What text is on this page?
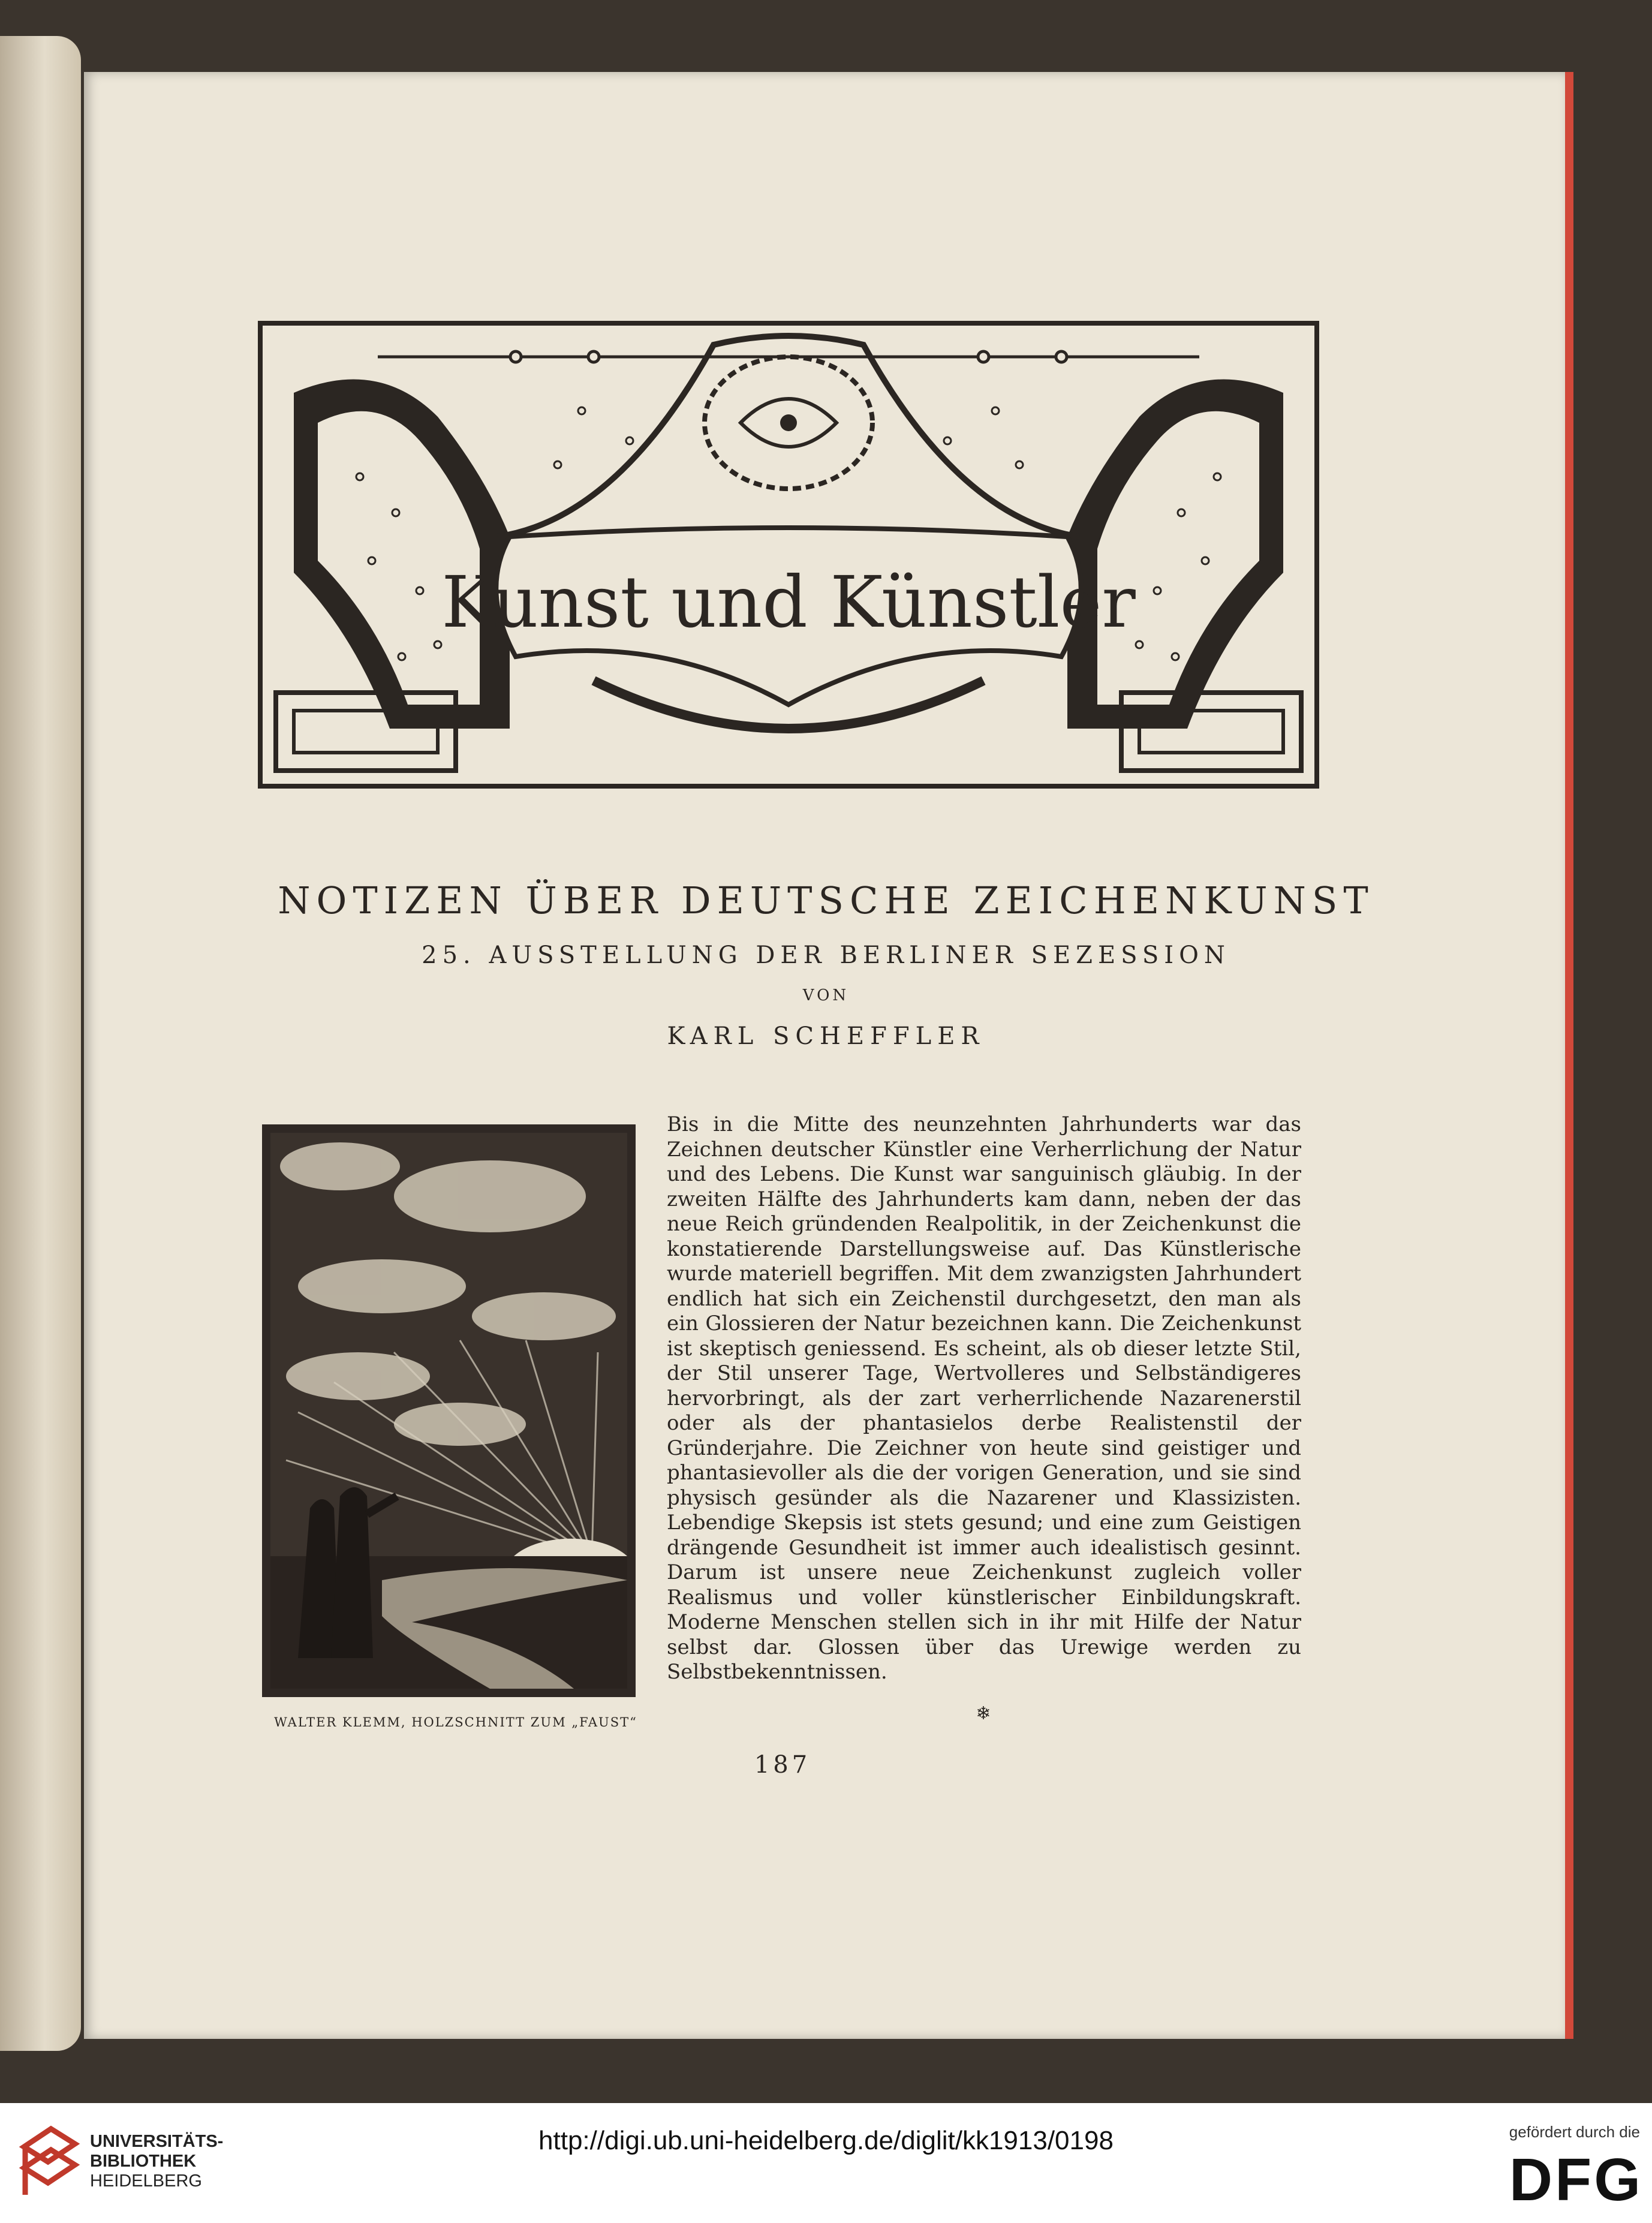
Kunst und Künstler
NOTIZEN ÜBER DEUTSCHE ZEICHENKUNST
25. AUSSTELLUNG DER BERLINER SEZESSION
VON
KARL SCHEFFLER
WALTER KLEMM, HOLZSCHNITT ZUM „FAUST“

Bis in die Mitte des neunzehnten Jahrhunderts war das Zeichnen deutscher Künstler eine Verherrlichung der Natur und des Lebens. Die Kunst war sanguinisch gläubig. In der zweiten Hälfte des Jahrhunderts kam dann, neben der das neue Reich gründenden Realpolitik, in der Zeichenkunst die konstatierende Darstellungsweise auf. Das Künstlerische wurde materiell begriffen. Mit dem zwanzigsten Jahrhundert endlich hat sich ein Zeichenstil durchgesetzt, den man als ein Glossieren der Natur bezeichnen kann. Die Zeichenkunst ist skeptisch geniessend. Es scheint, als ob dieser letzte Stil, der Stil unserer Tage, Wertvolleres und Selbständigeres hervorbringt, als der zart verherrlichende Nazarenerstil oder als der phantasielos derbe Realistenstil der Gründerjahre. Die Zeichner von heute sind geistiger und phantasievoller als die der vorigen Generation, und sie sind physisch gesünder als die Nazarener und Klassizisten. Lebendige Skepsis ist stets gesund; und eine zum Geistigen drängende Gesundheit ist immer auch idealistisch gesinnt. Darum ist unsere neue Zeichenkunst zugleich voller Realismus und voller künstlerischer Einbildungskraft. Moderne Menschen stellen sich in ihr mit Hilfe der Natur selbst dar. Glossen über das Urewige werden zu Selbstbekenntnissen.

❄
187
UNIVERSITÄTS-
BIBLIOTHEK
HEIDELBERG
http://digi.ub.uni-heidelberg.de/diglit/kk1913/0198	gefördert durch die
DFG
